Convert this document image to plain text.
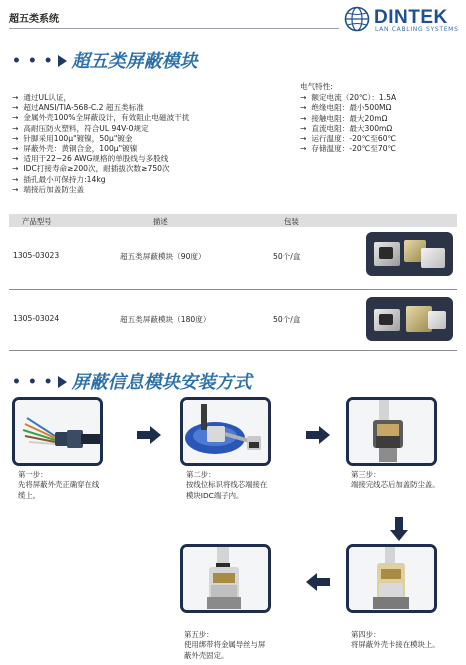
超五类系统	DINTEK
LAN CABLING SYSTEMS
• • • 超五类屏蔽模块
→ 通过UL认证，
→ 超过ANSI/TIA-568-C.2 超五类标准
→ 金属外壳100%全屏蔽设计，有效阻止电磁波干扰
→ 高耐压防火塑料，符合UL 94V-0规定
→ 针脚采用100μ"镀镍，50μ"镀金
→ 屏蔽外壳：黄铜合金，100μ"镀镍
→ 适用于22~26 AWG规格的单股线与多股线
→ IDC打接寿命≥200次，耐插拔次数≥750次
→ 插孔最小可保持力:14kg
→ 端接后加盖防尘盖
电气特性:
→ 额定电流（20℃）：1.5A
→ 绝缘电阻：最小500MΩ
→ 接触电阻：最大20mΩ
→ 直流电阻：最大300mΩ
→ 运行温度：-20℃至60℃
→ 存储温度：-20℃至70℃
产品型号	描述	包装
1305-03023	超五类屏蔽模块（90度）	50个/盒
1305-03024	超五类屏蔽模块（180度）	50个/盒
• • • 屏蔽信息模块安装方式
第一步：
先将屏蔽外壳正确穿在线
缆上。
第二步：
按线位标识将线芯端接在
模块IDC端子内。
第三步：
端接完线芯后加盖防尘盖。
第四步：
将屏蔽外壳卡接在模块上。
第五步：
使用绑带将金属导丝与屏
蔽外壳固定。
